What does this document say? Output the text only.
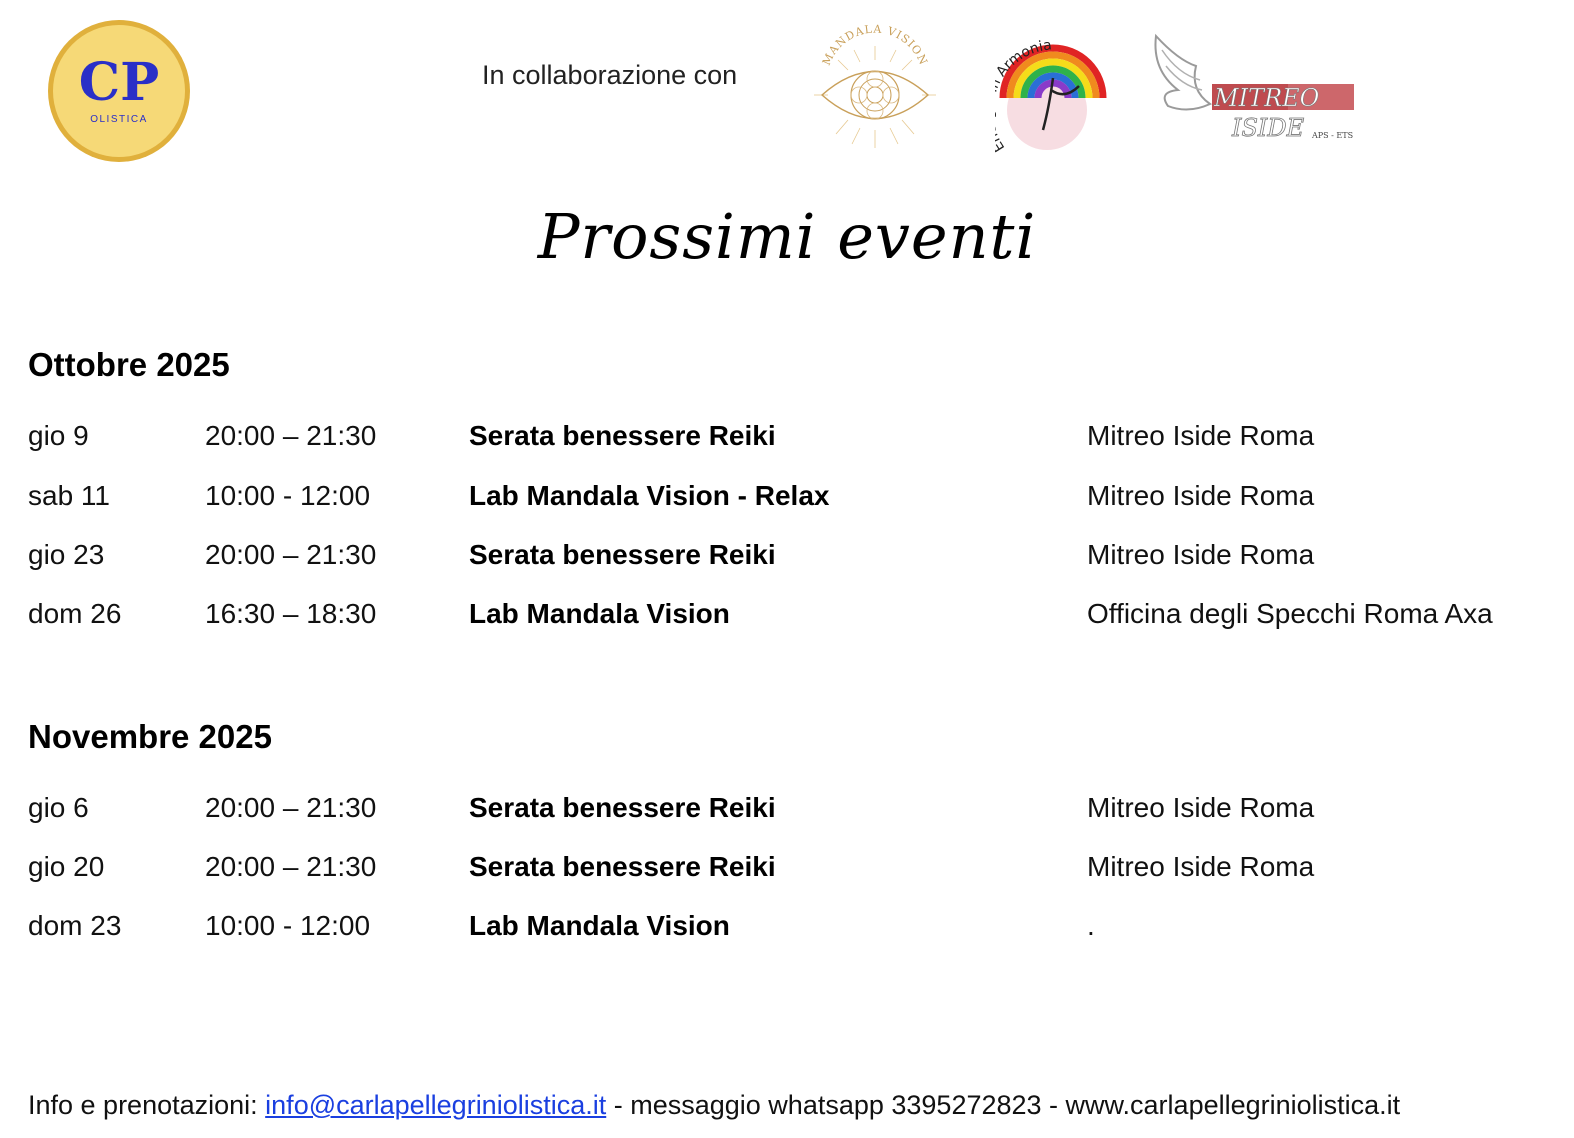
CP
OLISTICA
In collaborazione con
MANDALA VISION
Armonia
MITREO
ISIDE APS - ETS
Prossimi eventi
Ottobre 2025
gio 9	20:00 – 21:30	Serata benessere Reiki	Mitreo Iside Roma
sab 11	10:00 - 12:00	Lab Mandala Vision - Relax	Mitreo Iside Roma
gio 23	20:00 – 21:30	Serata benessere Reiki	Mitreo Iside Roma
dom 26	16:30 – 18:30	Lab Mandala Vision	Officina degli Specchi Roma Axa
Novembre 2025
gio 6	20:00 – 21:30	Serata benessere Reiki	Mitreo Iside Roma
gio 20	20:00 – 21:30	Serata benessere Reiki	Mitreo Iside Roma
dom 23	10:00 - 12:00	Lab Mandala Vision	.
Info e prenotazioni: info@carlapellegriniolistica.it - messaggio whatsapp 3395272823 - www.carlapellegriniolistica.it
